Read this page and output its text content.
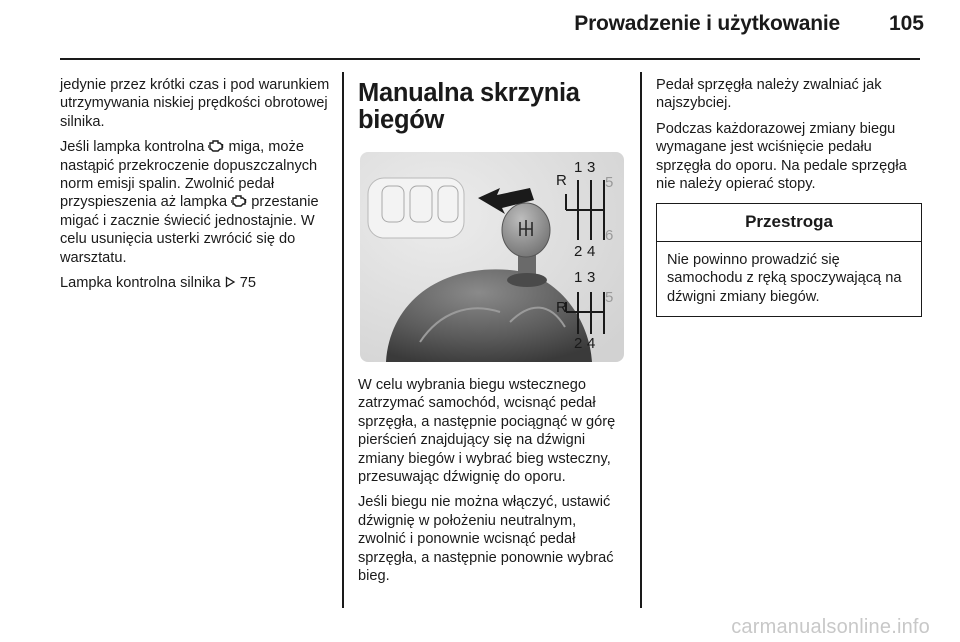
Prowadzenie i użytkowanie 105

jedynie przez krótki czas i pod warunkiem utrzymywania niskiej prędkości obrotowej silnika.

Jeśli lampka kontrolna miga, może nastąpić przekroczenie dopuszczalnych norm emisji spalin. Zwolnić pedał przyspieszenia aż lampka przestanie migać i zacznie świecić jednostajnie. W celu usunięcia usterki zwrócić się do warsztatu.

Lampka kontrolna silnika 75

Manualna skrzynia biegów
R
1 3
5
2 4
6
R
1 3
5
2 4

W celu wybrania biegu wstecznego zatrzymać samochód, wcisnąć pedał sprzęgła, a następnie pociągnąć w górę pierścień znajdujący się na dźwigni zmiany biegów i wybrać bieg wsteczny, przesuwając dźwignię do oporu.

Jeśli biegu nie można włączyć, ustawić dźwignię w położeniu neutralnym, zwolnić i ponownie wcisnąć pedał sprzęgła, a następnie ponownie wybrać bieg.

Pedał sprzęgła należy zwalniać jak najszybciej.

Podczas każdorazowej zmiany biegu wymagane jest wciśnięcie pedału sprzęgła do oporu. Na pedale sprzęgła nie należy opierać stopy.

Przestroga
Nie powinno prowadzić się samochodu z ręką spoczywającą na dźwigni zmiany biegów.
carmanualsonline.info
